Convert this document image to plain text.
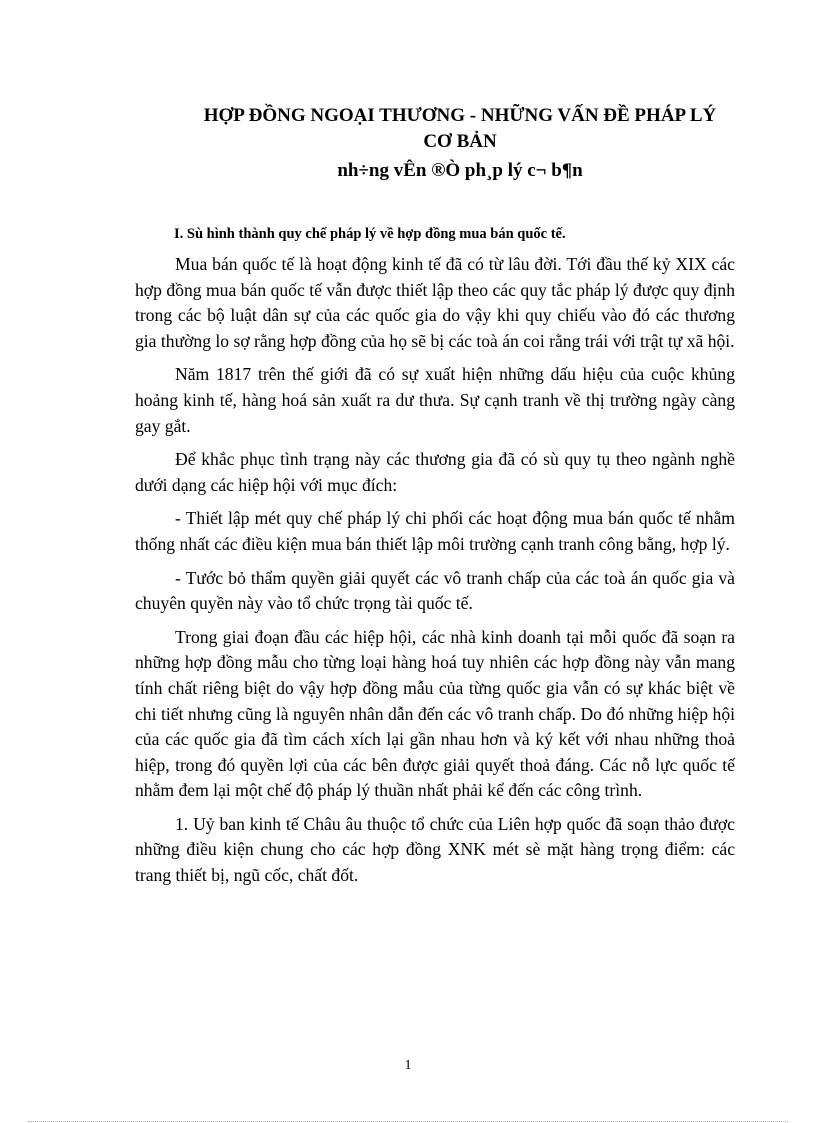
HỢP ĐỒNG NGOẠI THƯƠNG - NHỮNG VẤN ĐỀ PHÁP LÝ
CƠ BẢN
nh÷ng vÊn ®Ò ph¸p lý c¬ b¶n
I. Sù hình thành quy chế pháp lý về hợp đồng mua bán quốc tế.

Mua bán quốc tế là hoạt động kinh tế đã có từ lâu đời. Tới đầu thế kỷ XIX các hợp đồng mua bán quốc tế vẫn được thiết lập theo các quy tắc pháp lý được quy định trong các bộ luật dân sự của các quốc gia do vậy khi quy chiếu vào đó các thương gia thường lo sợ rằng hợp đồng của họ sẽ bị các toà án coi rằng trái với trật tự xã hội.

Năm 1817 trên thế giới đã có sự xuất hiện những dấu hiệu của cuộc khủng hoảng kinh tế, hàng hoá sản xuất ra dư thưa. Sự cạnh tranh về thị trường ngày càng gay gắt.

Để khắc phục tình trạng này các thương gia đã có sù quy tụ theo ngành nghề dưới dạng các hiệp hội với mục đích:

- Thiết lập mét quy chế pháp lý chi phối các hoạt động mua bán quốc tế nhằm thống nhất các điều kiện mua bán thiết lập môi trường cạnh tranh công bằng, hợp lý.

- Tước bỏ thẩm quyền giải quyết các vô tranh chấp của các toà án quốc gia và chuyên quyền này vào tổ chức trọng tài quốc tế.

Trong giai đoạn đầu các hiệp hội, các nhà kinh doanh tại mỗi quốc đã soạn ra những hợp đồng mẫu cho từng loại hàng hoá tuy nhiên các hợp đồng này vẫn mang tính chất riêng biệt do vậy hợp đồng mẫu của từng quốc gia vẫn có sự khác biệt về chi tiết nhưng cũng là nguyên nhân dẫn đến các vô tranh chấp. Do đó những hiệp hội của các quốc gia đã tìm cách xích lại gần nhau hơn và ký kết với nhau những thoả hiệp, trong đó quyền lợi của các bên được giải quyết thoả đáng. Các nỗ lực quốc tế nhằm đem lại một chế độ pháp lý thuần nhất phải kể đến các công trình.

1. Uỷ ban kinh tế Châu âu thuộc tổ chức của Liên hợp quốc đã soạn thảo được những điều kiện chung cho các hợp đồng XNK mét sè mặt hàng trọng điểm: các trang thiết bị, ngũ cốc, chất đốt.

1
